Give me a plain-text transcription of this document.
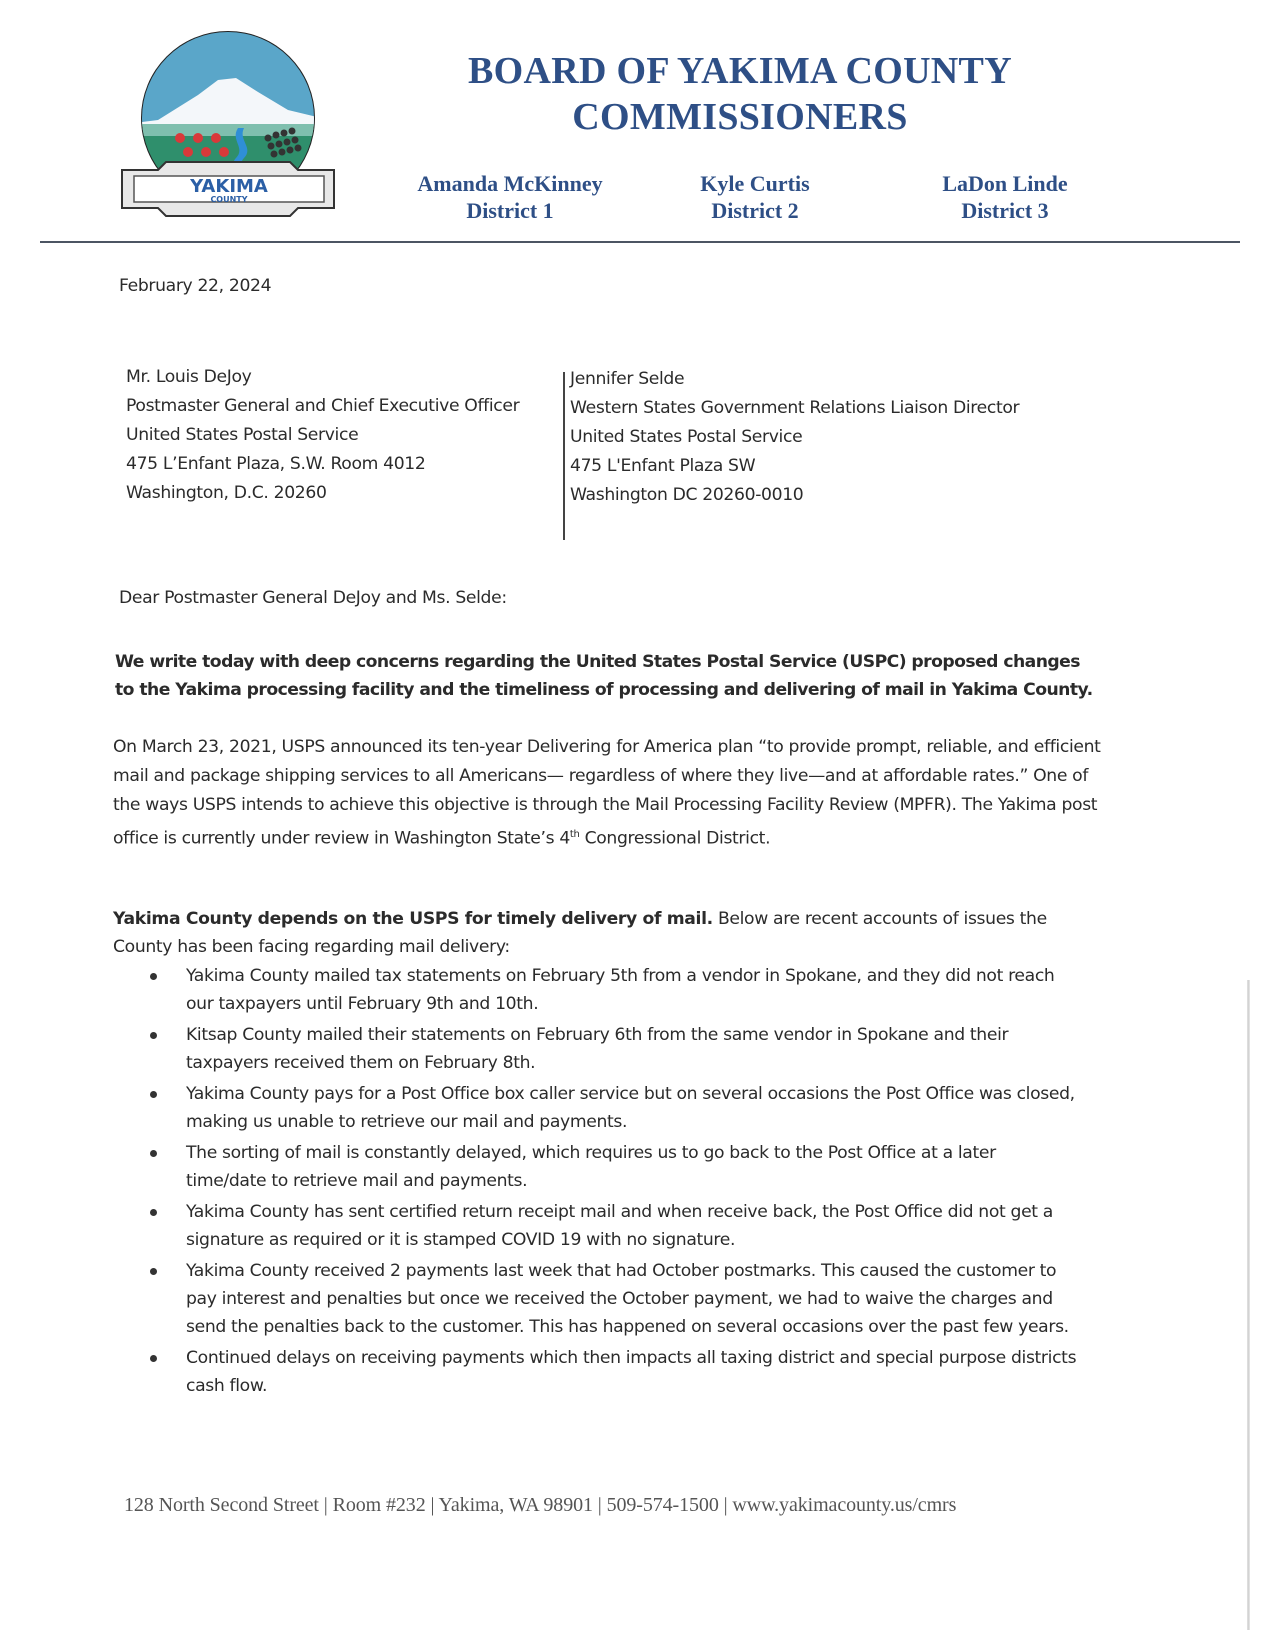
YAKIMA
COUNTY
BOARD OF YAKIMA COUNTY
COMMISSIONERS
Amanda McKinney
District 1
Kyle Curtis
District 2
LaDon Linde
District 3
February 22, 2024
Mr. Louis DeJoy
Postmaster General and Chief Executive Officer
United States Postal Service
475 L’Enfant Plaza, S.W. Room 4012
Washington, D.C. 20260
Jennifer Selde
Western States Government Relations Liaison Director
United States Postal Service
475 L'Enfant Plaza SW
Washington DC 20260-0010
Dear Postmaster General DeJoy and Ms. Selde:
We write today with deep concerns regarding the United States Postal Service (USPC) proposed changes to the Yakima processing facility and the timeliness of processing and delivering of mail in Yakima County.
On March 23, 2021, USPS announced its ten-year Delivering for America plan “to provide prompt, reliable, and efficient mail and package shipping services to all Americans— regardless of where they live—and at affordable rates.” One of the ways USPS intends to achieve this objective is through the Mail Processing Facility Review (MPFR). The Yakima post office is currently under review in Washington State’s 4th Congressional District.
Yakima County depends on the USPS for timely delivery of mail. Below are recent accounts of issues the County has been facing regarding mail delivery:
Yakima County mailed tax statements on February 5th from a vendor in Spokane, and they did not reach our taxpayers until February 9th and 10th.
Kitsap County mailed their statements on February 6th from the same vendor in Spokane and their taxpayers received them on February 8th.
Yakima County pays for a Post Office box caller service but on several occasions the Post Office was closed, making us unable to retrieve our mail and payments.
The sorting of mail is constantly delayed, which requires us to go back to the Post Office at a later time/date to retrieve mail and payments.
Yakima County has sent certified return receipt mail and when receive back, the Post Office did not get a signature as required or it is stamped COVID 19 with no signature.
Yakima County received 2 payments last week that had October postmarks. This caused the customer to pay interest and penalties but once we received the October payment, we had to waive the charges and send the penalties back to the customer. This has happened on several occasions over the past few years.
Continued delays on receiving payments which then impacts all taxing district and special purpose districts cash flow.
128 North Second Street | Room #232 | Yakima, WA 98901 | 509-574-1500 | www.yakimacounty.us/cmrs
